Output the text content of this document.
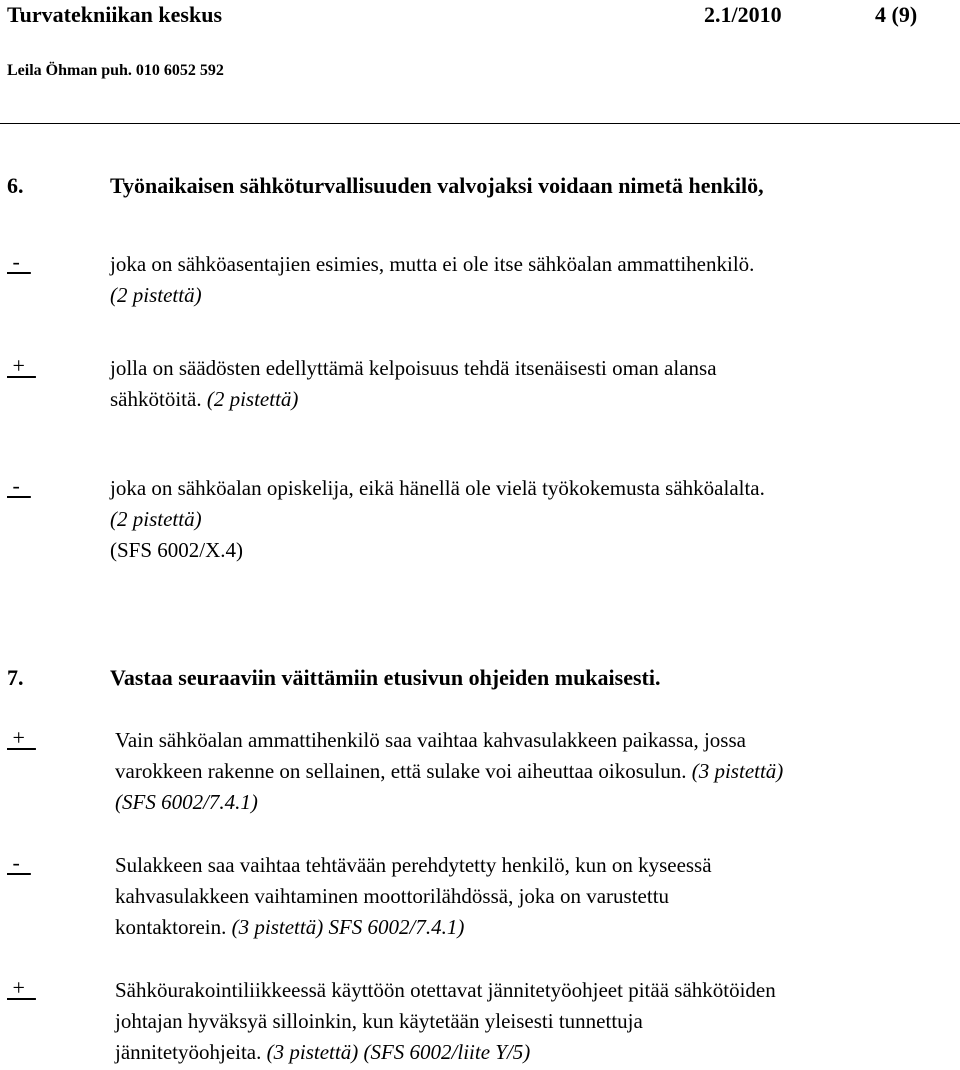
Turvatekniikan keskus	2.1/2010	4 (9)
Leila Öhman puh. 010 6052 592
6.	Työnaikaisen sähköturvallisuuden valvojaksi voidaan nimetä henkilö,
-	joka on sähköasentajien esimies, mutta ei ole itse sähköalan ammattihenkilö.
(2 pistettä)
+	jolla on säädösten edellyttämä kelpoisuus tehdä itsenäisesti oman alansa
sähkötöitä. (2 pistettä)
-	joka on sähköalan opiskelija, eikä hänellä ole vielä työkokemusta sähköalalta.
(2 pistettä)
(SFS 6002/X.4)
7.	Vastaa seuraaviin väittämiin etusivun ohjeiden mukaisesti.
+	Vain sähköalan ammattihenkilö saa vaihtaa kahvasulakkeen paikassa, jossa
varokkeen rakenne on sellainen, että sulake voi aiheuttaa oikosulun. (3 pistettä)
(SFS 6002/7.4.1)
-	Sulakkeen saa vaihtaa tehtävään perehdytetty henkilö, kun on kyseessä
kahvasulakkeen vaihtaminen moottorilähdössä, joka on varustettu
kontaktorein. (3 pistettä) SFS 6002/7.4.1)
+	Sähköurakointiliikkeessä käyttöön otettavat jännitetyöohjeet pitää sähkötöiden
johtajan hyväksyä silloinkin, kun käytetään yleisesti tunnettuja
jännitetyöohjeita. (3 pistettä) (SFS 6002/liite Y/5)
